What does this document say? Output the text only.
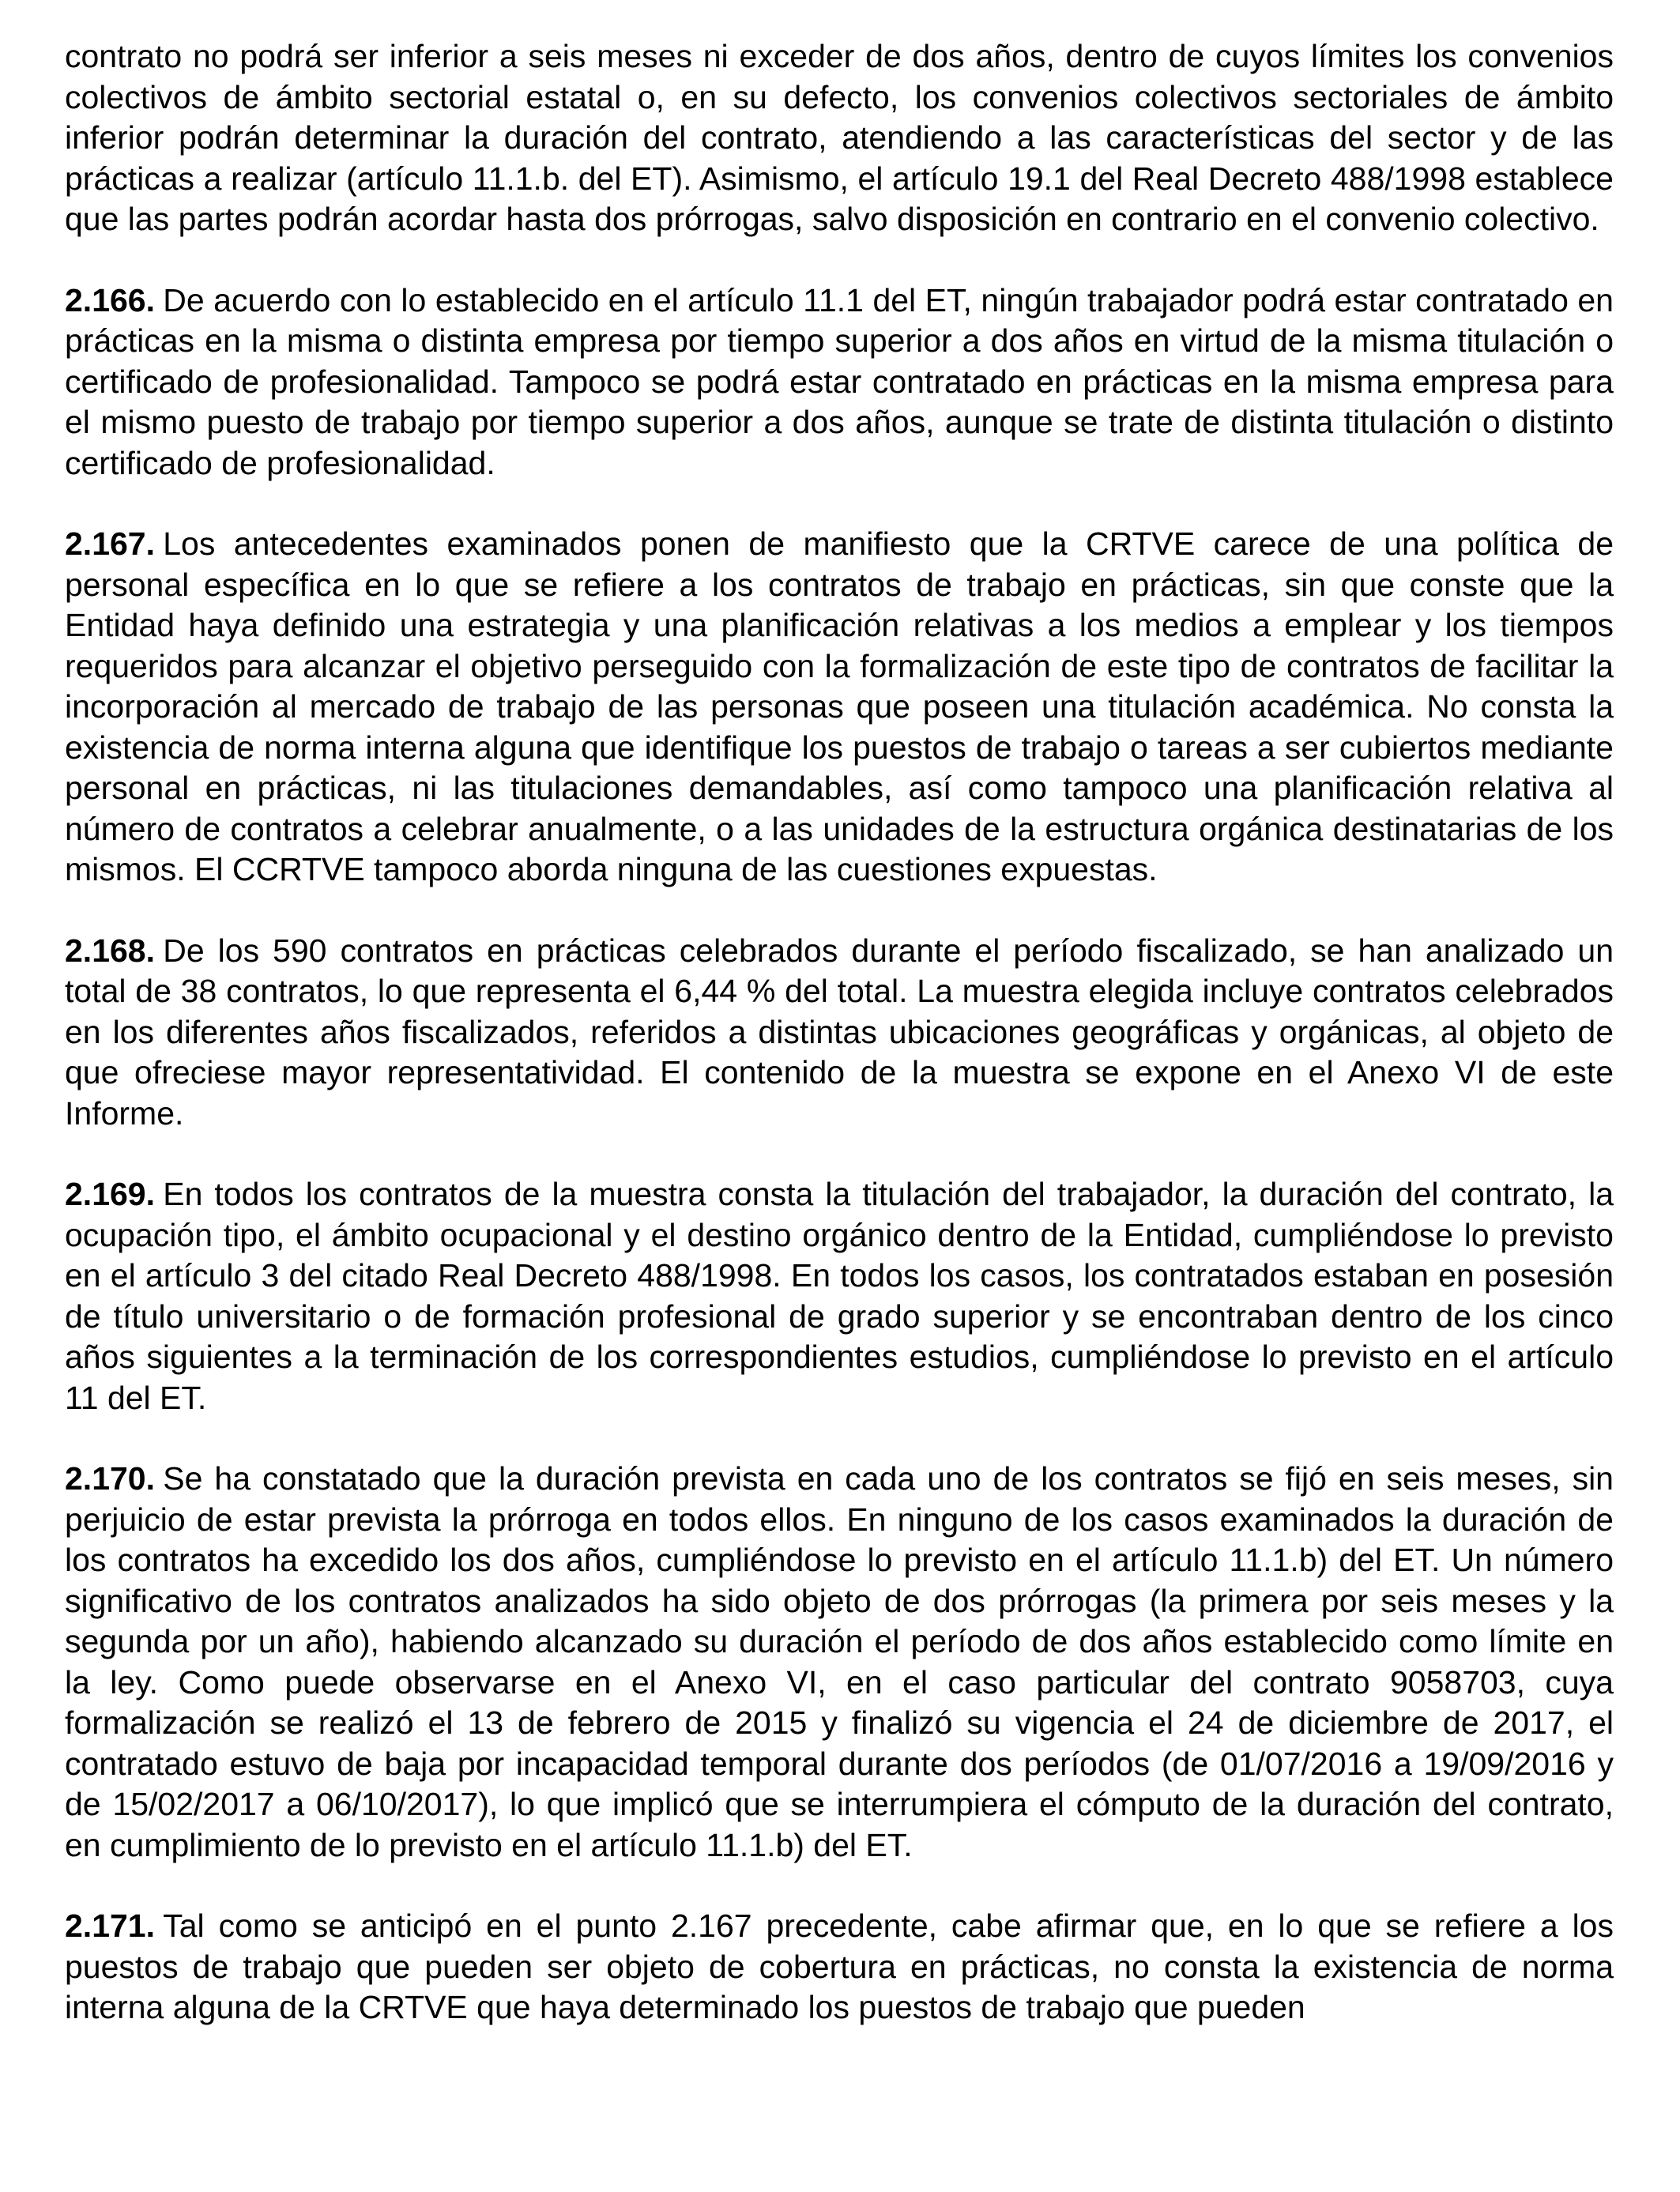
contrato no podrá ser inferior a seis meses ni exceder de dos años, dentro de cuyos límites los convenios colectivos de ámbito sectorial estatal o, en su defecto, los convenios colectivos sectoriales de ámbito inferior podrán determinar la duración del contrato, atendiendo a las características del sector y de las prácticas a realizar (artículo 11.1.b. del ET). Asimismo, el artículo 19.1 del Real Decreto 488/1998 establece que las partes podrán acordar hasta dos prórrogas, salvo disposición en contrario en el convenio colectivo.

2.166. De acuerdo con lo establecido en el artículo 11.1 del ET, ningún trabajador podrá estar contratado en prácticas en la misma o distinta empresa por tiempo superior a dos años en virtud de la misma titulación o certificado de profesionalidad. Tampoco se podrá estar contratado en prácticas en la misma empresa para el mismo puesto de trabajo por tiempo superior a dos años, aunque se trate de distinta titulación o distinto certificado de profesionalidad.

2.167. Los antecedentes examinados ponen de manifiesto que la CRTVE carece de una política de personal específica en lo que se refiere a los contratos de trabajo en prácticas, sin que conste que la Entidad haya definido una estrategia y una planificación relativas a los medios a emplear y los tiempos requeridos para alcanzar el objetivo perseguido con la formalización de este tipo de contratos de facilitar la incorporación al mercado de trabajo de las personas que poseen una titulación académica. No consta la existencia de norma interna alguna que identifique los puestos de trabajo o tareas a ser cubiertos mediante personal en prácticas, ni las titulaciones demandables, así como tampoco una planificación relativa al número de contratos a celebrar anualmente, o a las unidades de la estructura orgánica destinatarias de los mismos. El CCRTVE tampoco aborda ninguna de las cuestiones expuestas.

2.168. De los 590 contratos en prácticas celebrados durante el período fiscalizado, se han analizado un total de 38 contratos, lo que representa el 6,44 % del total. La muestra elegida incluye contratos celebrados en los diferentes años fiscalizados, referidos a distintas ubicaciones geográficas y orgánicas, al objeto de que ofreciese mayor representatividad. El contenido de la muestra se expone en el Anexo VI de este Informe.

2.169. En todos los contratos de la muestra consta la titulación del trabajador, la duración del contrato, la ocupación tipo, el ámbito ocupacional y el destino orgánico dentro de la Entidad, cumpliéndose lo previsto en el artículo 3 del citado Real Decreto 488/1998. En todos los casos, los contratados estaban en posesión de título universitario o de formación profesional de grado superior y se encontraban dentro de los cinco años siguientes a la terminación de los correspondientes estudios, cumpliéndose lo previsto en el artículo 11 del ET.

2.170. Se ha constatado que la duración prevista en cada uno de los contratos se fijó en seis meses, sin perjuicio de estar prevista la prórroga en todos ellos. En ninguno de los casos examinados la duración de los contratos ha excedido los dos años, cumpliéndose lo previsto en el artículo 11.1.b) del ET. Un número significativo de los contratos analizados ha sido objeto de dos prórrogas (la primera por seis meses y la segunda por un año), habiendo alcanzado su duración el período de dos años establecido como límite en la ley. Como puede observarse en el Anexo VI, en el caso particular del contrato 9058703, cuya formalización se realizó el 13 de febrero de 2015 y finalizó su vigencia el 24 de diciembre de 2017, el contratado estuvo de baja por incapacidad temporal durante dos períodos (de 01/07/2016 a 19/09/2016 y de 15/02/2017 a 06/10/2017), lo que implicó que se interrumpiera el cómputo de la duración del contrato, en cumplimiento de lo previsto en el artículo 11.1.b) del ET.

2.171. Tal como se anticipó en el punto 2.167 precedente, cabe afirmar que, en lo que se refiere a los puestos de trabajo que pueden ser objeto de cobertura en prácticas, no consta la existencia de norma interna alguna de la CRTVE que haya determinado los puestos de trabajo que pueden
